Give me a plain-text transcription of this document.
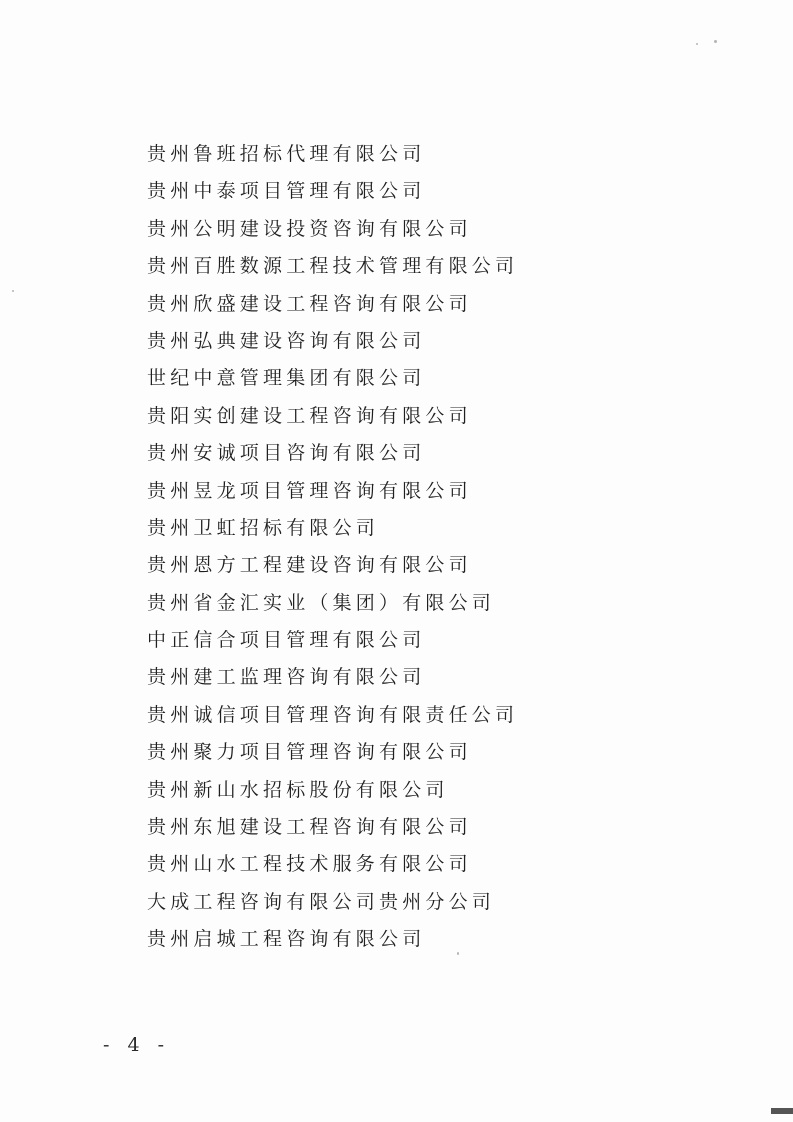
贵州鲁班招标代理有限公司
贵州中泰项目管理有限公司
贵州公明建设投资咨询有限公司
贵州百胜数源工程技术管理有限公司
贵州欣盛建设工程咨询有限公司
贵州弘典建设咨询有限公司
世纪中意管理集团有限公司
贵阳实创建设工程咨询有限公司
贵州安诚项目咨询有限公司
贵州昱龙项目管理咨询有限公司
贵州卫虹招标有限公司
贵州恩方工程建设咨询有限公司
贵州省金汇实业（集团）有限公司
中正信合项目管理有限公司
贵州建工监理咨询有限公司
贵州诚信项目管理咨询有限责任公司
贵州聚力项目管理咨询有限公司
贵州新山水招标股份有限公司
贵州东旭建设工程咨询有限公司
贵州山水工程技术服务有限公司
大成工程咨询有限公司贵州分公司
贵州启城工程咨询有限公司
- 4 -
